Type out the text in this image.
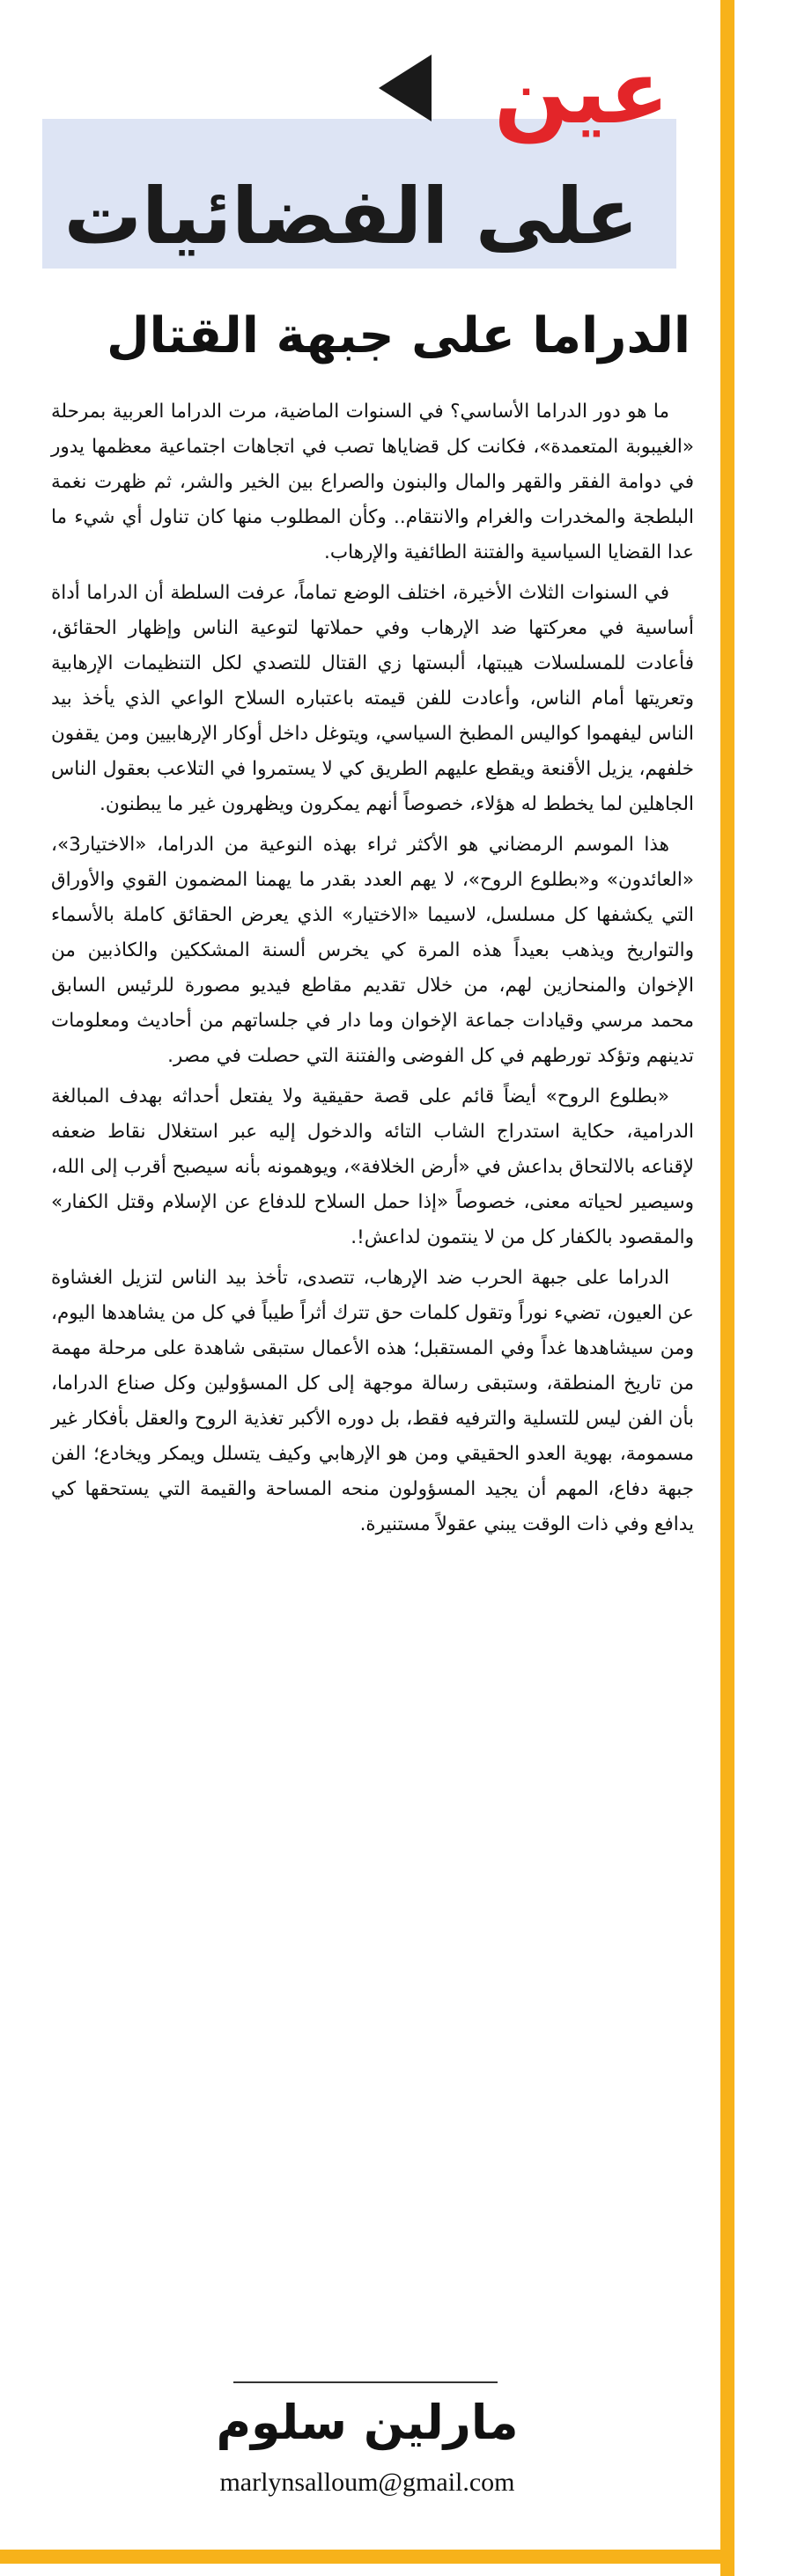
عين
على الفضائيات
الدراما على جبهة القتال

ما هو دور الدراما الأساسي؟ في السنوات الماضية، مرت الدراما العربية بمرحلة «الغيبوبة المتعمدة»، فكانت كل قضاياها تصب في اتجاهات اجتماعية معظمها يدور في دوامة الفقر والقهر والمال والبنون والصراع بين الخير والشر، ثم ظهرت نغمة البلطجة والمخدرات والغرام والانتقام.. وكأن المطلوب منها كان تناول أي شيء ما عدا القضايا السياسية والفتنة الطائفية والإرهاب.

في السنوات الثلاث الأخيرة، اختلف الوضع تماماً، عرفت السلطة أن الدراما أداة أساسية في معركتها ضد الإرهاب وفي حملاتها لتوعية الناس وإظهار الحقائق، فأعادت للمسلسلات هيبتها، ألبستها زي القتال للتصدي لكل التنظيمات الإرهابية وتعريتها أمام الناس، وأعادت للفن قيمته باعتباره السلاح الواعي الذي يأخذ بيد الناس ليفهموا كواليس المطبخ السياسي، ويتوغل داخل أوكار الإرهابيين ومن يقفون خلفهم، يزيل الأقنعة ويقطع عليهم الطريق كي لا يستمروا في التلاعب بعقول الناس الجاهلين لما يخطط له هؤلاء، خصوصاً أنهم يمكرون ويظهرون غير ما يبطنون.

هذا الموسم الرمضاني هو الأكثر ثراء بهذه النوعية من الدراما، «الاختيار3»، «العائدون» و«بطلوع الروح»، لا يهم العدد بقدر ما يهمنا المضمون القوي والأوراق التي يكشفها كل مسلسل، لاسيما «الاختيار» الذي يعرض الحقائق كاملة بالأسماء والتواريخ ويذهب بعيداً هذه المرة كي يخرس ألسنة المشككين والكاذبين من الإخوان والمنحازين لهم، من خلال تقديم مقاطع فيديو مصورة للرئيس السابق محمد مرسي وقيادات جماعة الإخوان وما دار في جلساتهم من أحاديث ومعلومات تدينهم وتؤكد تورطهم في كل الفوضى والفتنة التي حصلت في مصر.

«بطلوع الروح» أيضاً قائم على قصة حقيقية ولا يفتعل أحداثه بهدف المبالغة الدرامية، حكاية استدراج الشاب التائه والدخول إليه عبر استغلال نقاط ضعفه لإقناعه بالالتحاق بداعش في «أرض الخلافة»، ويوهمونه بأنه سيصبح أقرب إلى الله، وسيصير لحياته معنى، خصوصاً «إذا حمل السلاح للدفاع عن الإسلام وقتل الكفار» والمقصود بالكفار كل من لا ينتمون لداعش!.

الدراما على جبهة الحرب ضد الإرهاب، تتصدى، تأخذ بيد الناس لتزيل الغشاوة عن العيون، تضيء نوراً وتقول كلمات حق تترك أثراً طيباً في كل من يشاهدها اليوم، ومن سيشاهدها غداً وفي المستقبل؛ هذه الأعمال ستبقى شاهدة على مرحلة مهمة من تاريخ المنطقة، وستبقى رسالة موجهة إلى كل المسؤولين وكل صناع الدراما، بأن الفن ليس للتسلية والترفيه فقط، بل دوره الأكبر تغذية الروح والعقل بأفكار غير مسمومة، بهوية العدو الحقيقي ومن هو الإرهابي وكيف يتسلل ويمكر ويخادع؛ الفن جبهة دفاع، المهم أن يجيد المسؤولون منحه المساحة والقيمة التي يستحقها كي يدافع وفي ذات الوقت يبني عقولاً مستنيرة.

مارلين سلوم
marlynsalloum@gmail.com
